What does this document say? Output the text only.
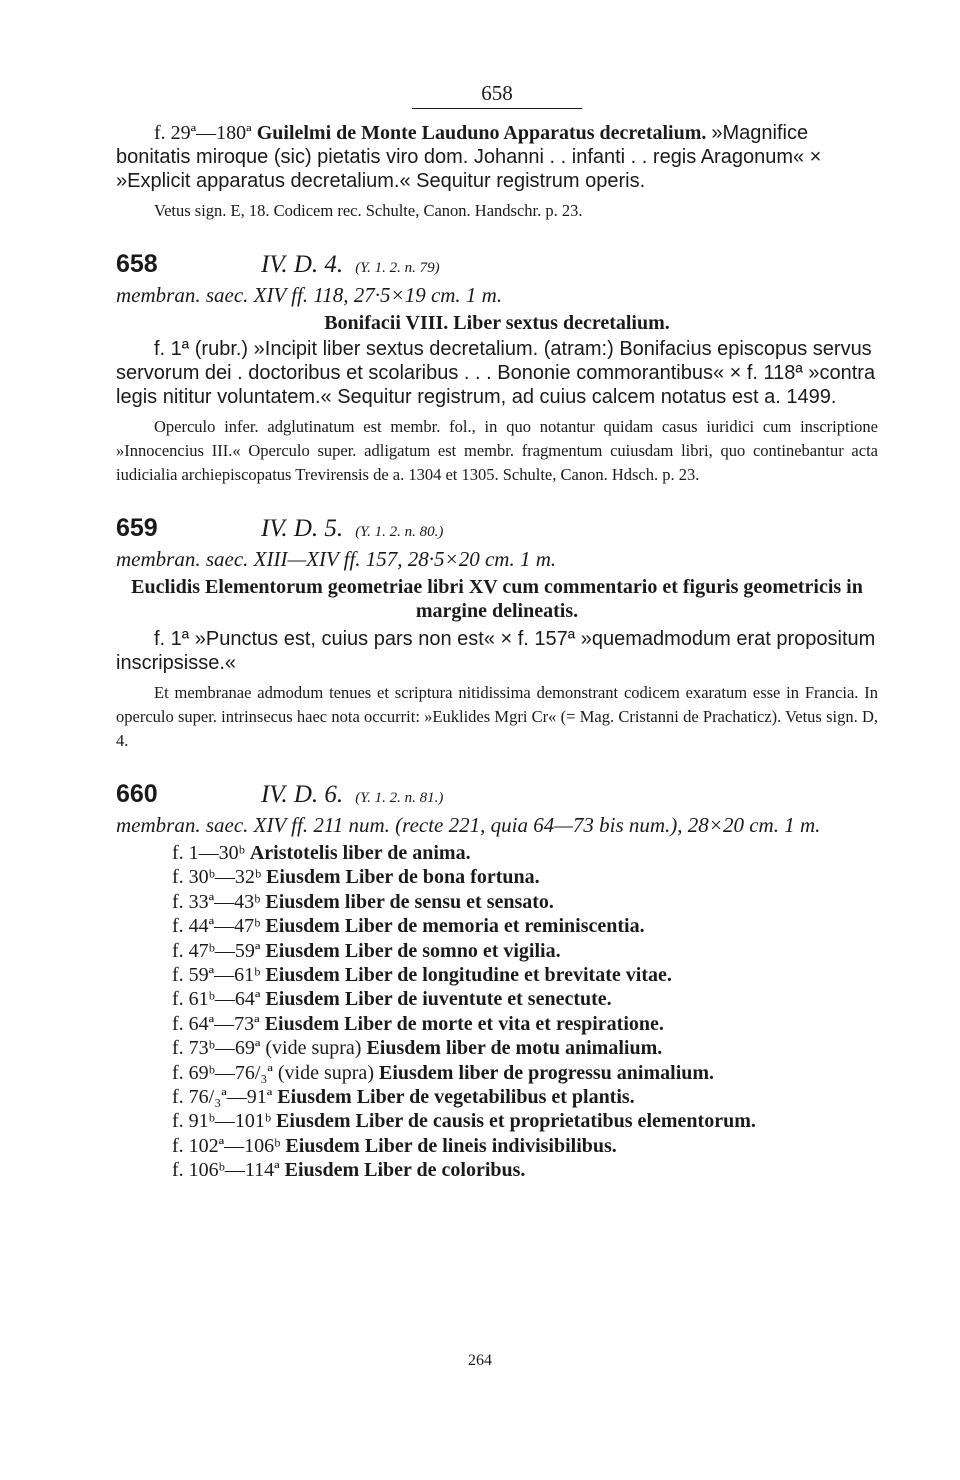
658

f. 29ª—180ª Guilelmi de Monte Lauduno Apparatus decretalium. »Magnifice bonitatis miroque (sic) pietatis viro dom. Johanni . . infanti . . regis Aragonum« × »Explicit apparatus decretalium.« Sequitur registrum operis.

Vetus sign. E, 18. Codicem rec. Schulte, Canon. Handschr. p. 23.

658	IV. D. 4. (Y. 1. 2. n. 79)

membran. saec. XIV ff. 118, 27·5×19 cm. 1 m.

Bonifacii VIII. Liber sextus decretalium.

f. 1ª (rubr.) »Incipit liber sextus decretalium. (atram:) Bonifacius episcopus servus servorum dei . doctoribus et scolaribus . . . Bononie commorantibus« × f. 118ª »contra legis nititur voluntatem.« Sequitur registrum, ad cuius calcem notatus est a. 1499.

Operculo infer. adglutinatum est membr. fol., in quo notantur quidam casus iuridici cum inscriptione »Innocencius III.« Operculo super. adligatum est membr. fragmentum cuiusdam libri, quo continebantur acta iudicialia archiepiscopatus Trevirensis de a. 1304 et 1305. Schulte, Canon. Hdsch. p. 23.

659	IV. D. 5. (Y. 1. 2. n. 80.)

membran. saec. XIII—XIV ff. 157, 28·5×20 cm. 1 m.

Euclidis Elementorum geometriae libri XV cum commentario et figuris geometricis in margine delineatis.

f. 1ª »Punctus est, cuius pars non est« × f. 157ª »quemadmodum erat propositum inscripsisse.«

Et membranae admodum tenues et scriptura nitidissima demonstrant codicem exaratum esse in Francia. In operculo super. intrinsecus haec nota occurrit: »Euklides Mgri Cr« (= Mag. Cristanni de Prachaticz). Vetus sign. D, 4.

660	IV. D. 6. (Y. 1. 2. n. 81.)

membran. saec. XIV ff. 211 num. (recte 221, quia 64—73 bis num.), 28×20 cm. 1 m.

f. 1—30ᵇ Aristotelis liber de anima.
f. 30ᵇ—32ᵇ Eiusdem Liber de bona fortuna.
f. 33ª—43ᵇ Eiusdem liber de sensu et sensato.
f. 44ª—47ᵇ Eiusdem Liber de memoria et reminiscentia.
f. 47ᵇ—59ª Eiusdem Liber de somno et vigilia.
f. 59ª—61ᵇ Eiusdem Liber de longitudine et brevitate vitae.
f. 61ᵇ—64ª Eiusdem Liber de iuventute et senectute.
f. 64ª—73ª Eiusdem Liber de morte et vita et respiratione.
f. 73ᵇ—69ª (vide supra) Eiusdem liber de motu animalium.
f. 69ᵇ—76/₃ª (vide supra) Eiusdem liber de progressu animalium.
f. 76/₃ª—91ª Eiusdem Liber de vegetabilibus et plantis.
f. 91ᵇ—101ᵇ Eiusdem Liber de causis et proprietatibus elementorum.
f. 102ª—106ᵇ Eiusdem Liber de lineis indivisibilibus.
f. 106ᵇ—114ª Eiusdem Liber de coloribus.
264
